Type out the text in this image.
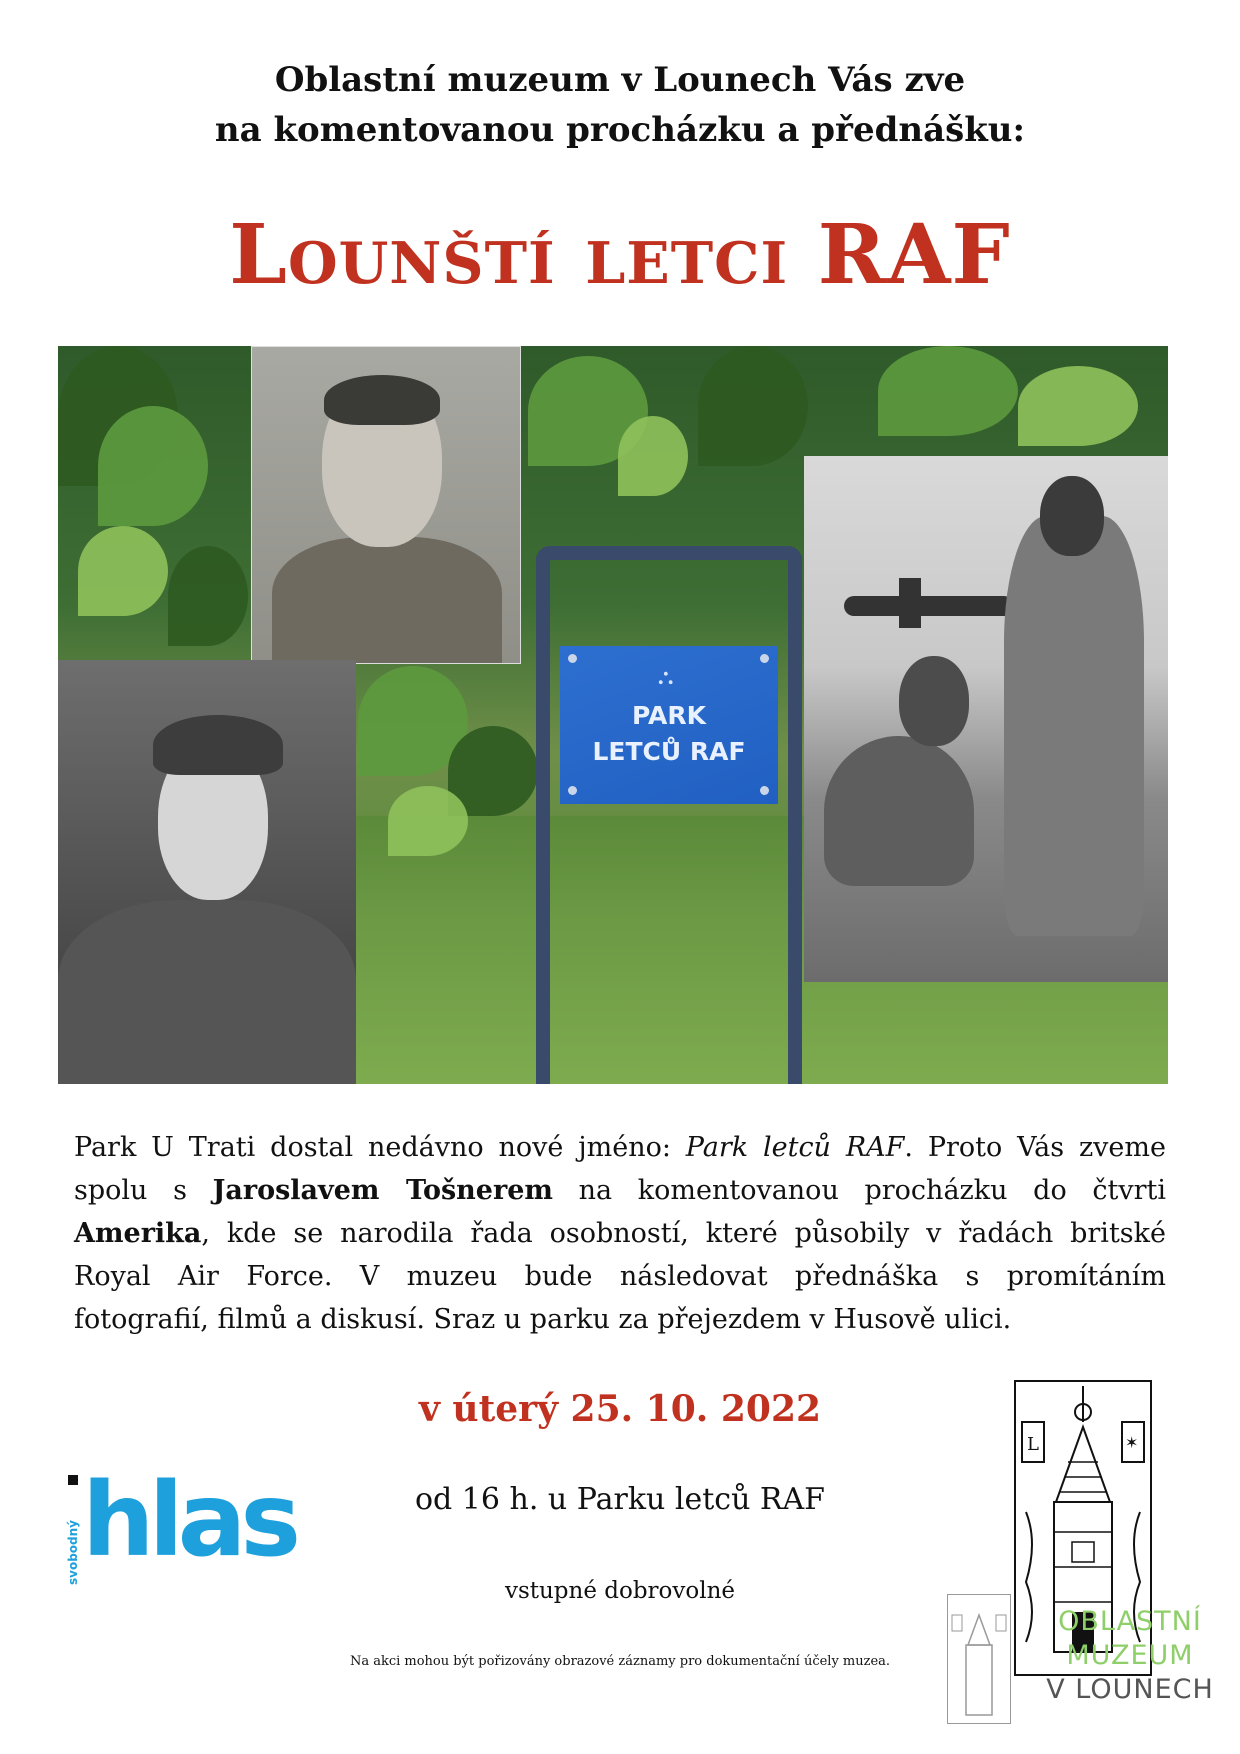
Oblastní muzeum v Lounech Vás zve
na komentovanou procházku a přednášku:
Lounští letci RAF
⛬
PARK
LETCŮ RAF
Park U Trati dostal nedávno nové jméno: Park letců RAF. Proto Vás zveme
spolu s Jaroslavem Tošnerem na komentovanou procházku do čtvrti
Amerika, kde se narodila řada osobností, které působily v řadách britské
Royal Air Force. V muzeu bude následovat přednáška s promítáním
fotografií, filmů a diskusí. Sraz u parku za přejezdem v Husově ulici.
v úterý 25. 10. 2022
od 16 h. u Parku letců RAF
vstupné dobrovolné
Na akci mohou být pořizovány obrazové záznamy pro dokumentační účely muzea.
svobodný hlas
L	✶
OBLASTNÍ
MUZEUM
V LOUNECH
